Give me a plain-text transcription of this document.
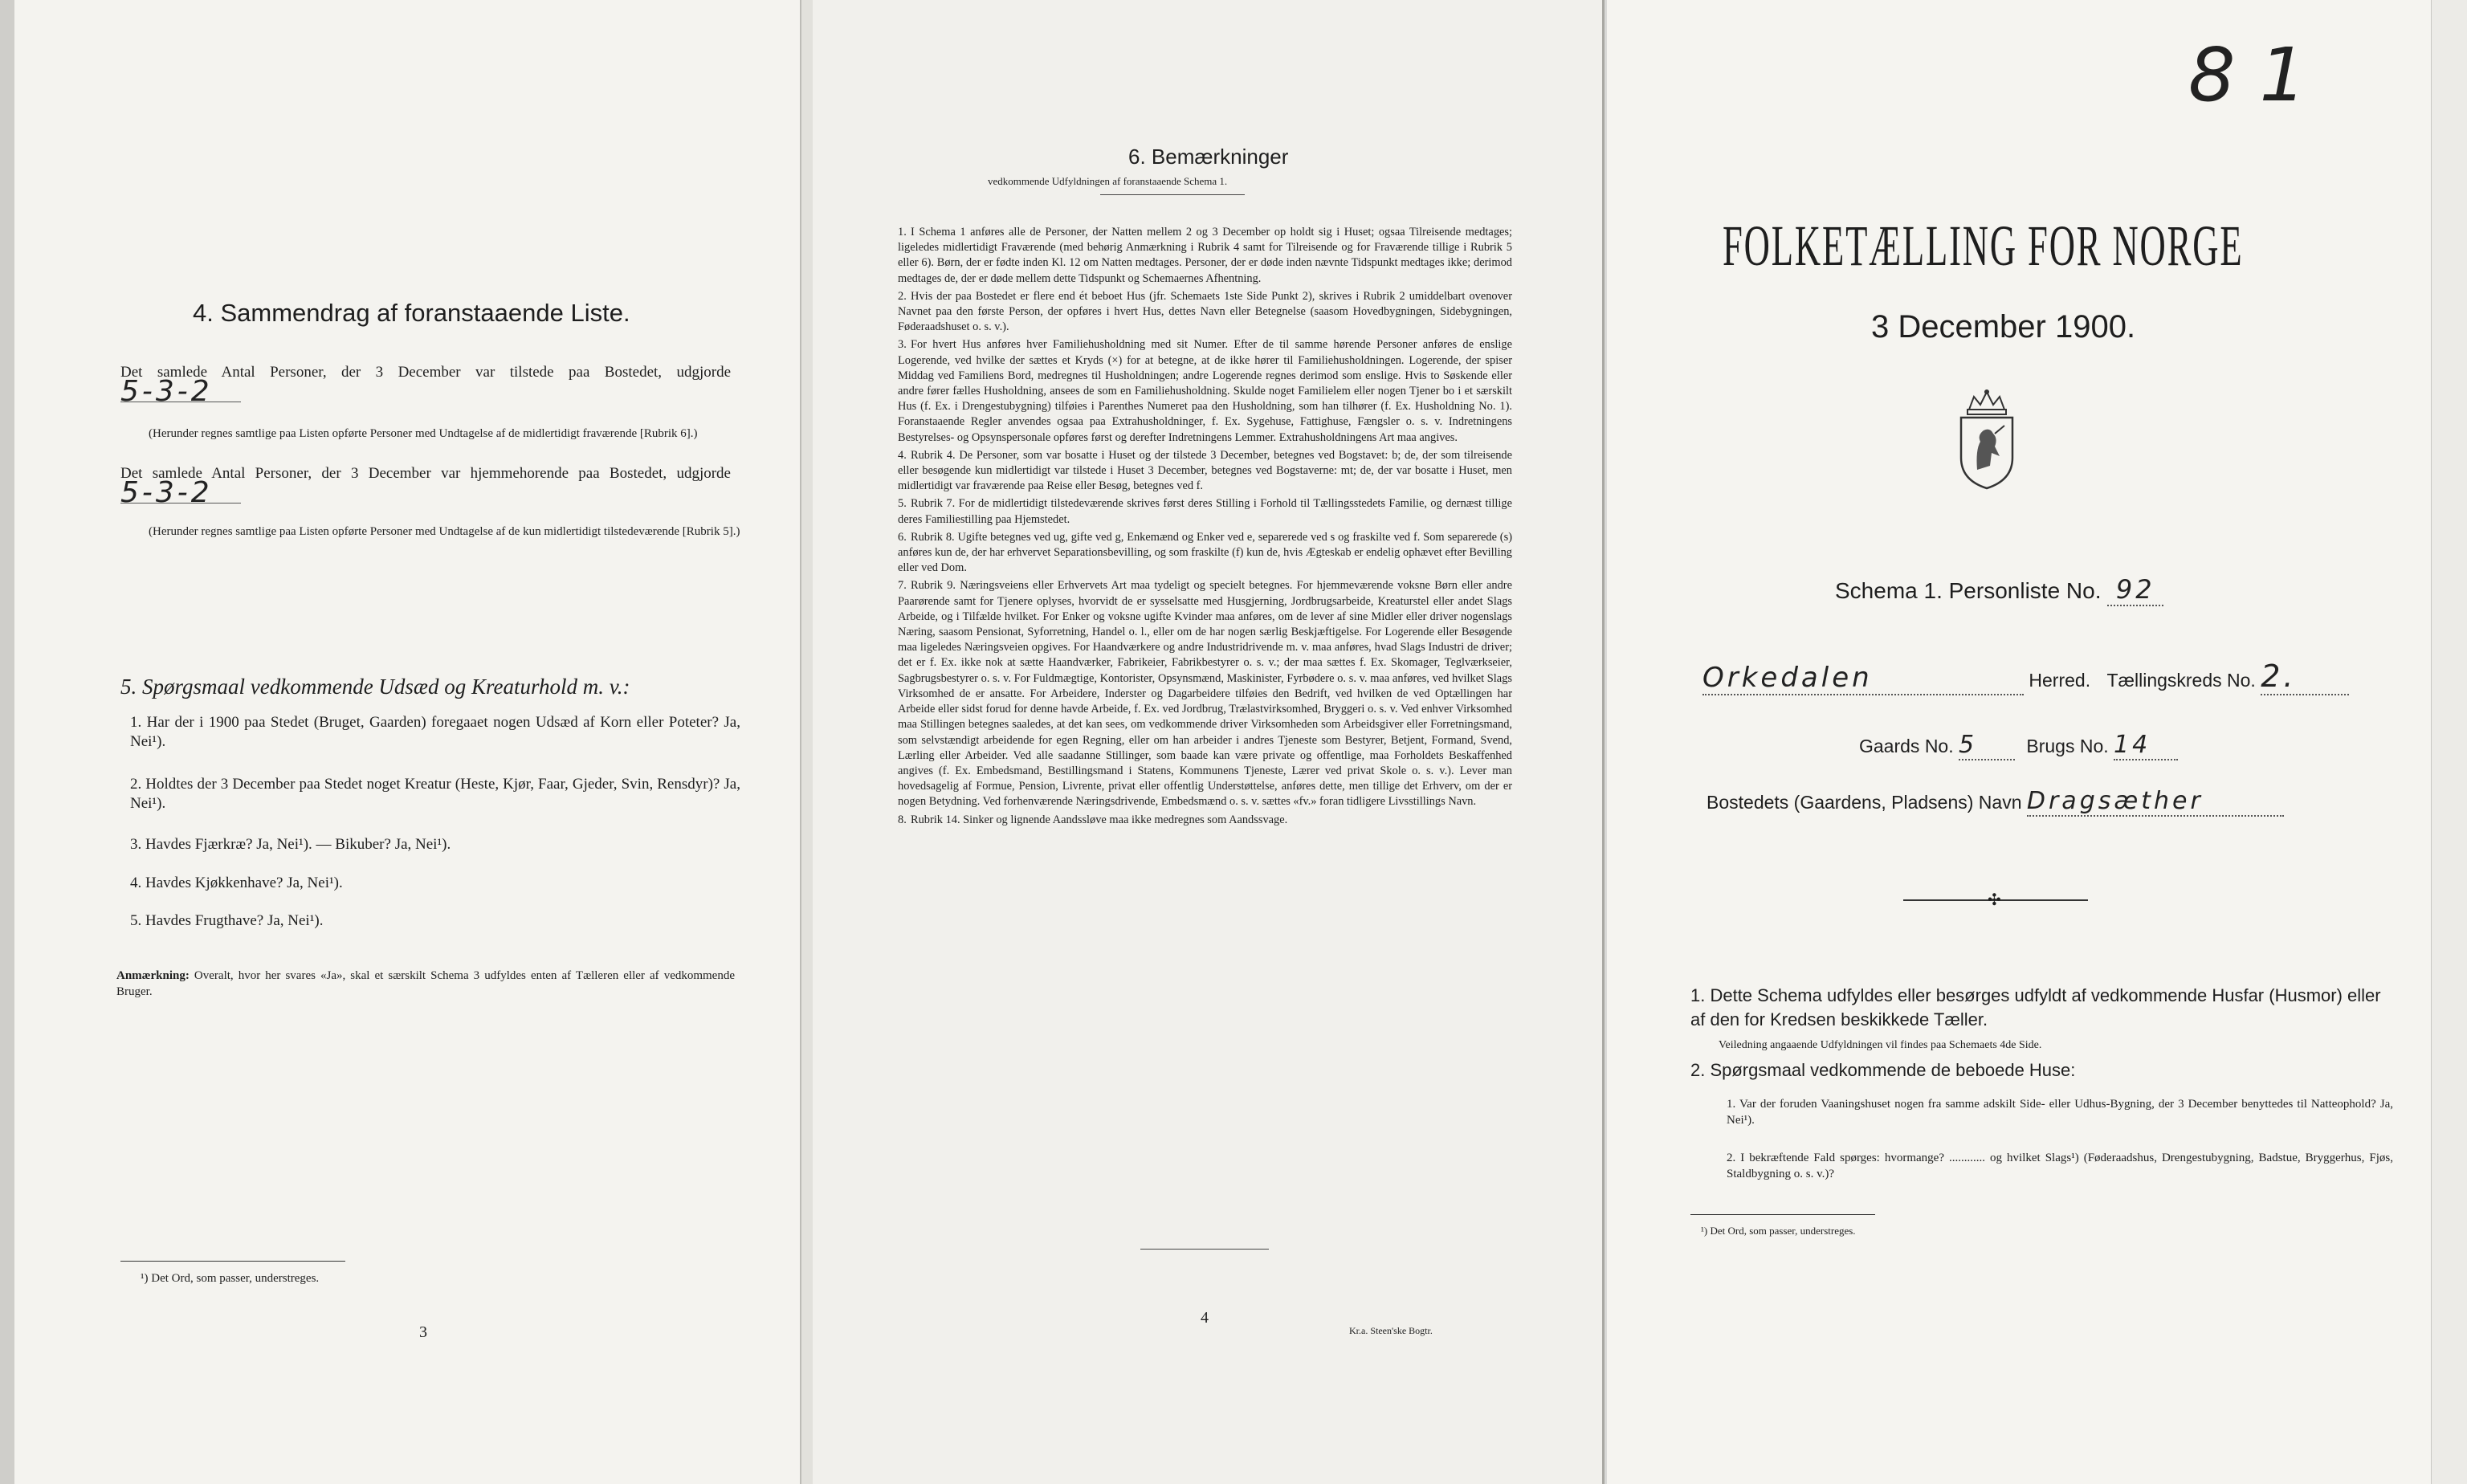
4. Sammendrag af foranstaaende Liste.
Det samlede Antal Personer, der 3 December var tilstede paa Bostedet, udgjorde 5-3-2
(Herunder regnes samtlige paa Listen opførte Personer med Undtagelse af de midlertidigt fraværende [Rubrik 6].)
Det samlede Antal Personer, der 3 December var hjemmehorende paa Bostedet, udgjorde 5-3-2
(Herunder regnes samtlige paa Listen opførte Personer med Undtagelse af de kun midlertidigt tilstedeværende [Rubrik 5].)
5. Spørgsmaal vedkommende Udsæd og Kreaturhold m. v.:
1. Har der i 1900 paa Stedet (Bruget, Gaarden) foregaaet nogen Udsæd af Korn eller Poteter? Ja, Nei¹).
2. Holdtes der 3 December paa Stedet noget Kreatur (Heste, Kjør, Faar, Gjeder, Svin, Rensdyr)? Ja, Nei¹).
3. Havdes Fjærkræ? Ja, Nei¹). — Bikuber? Ja, Nei¹).
4. Havdes Kjøkkenhave? Ja, Nei¹).
5. Havdes Frugthave? Ja, Nei¹).
Anmærkning: Overalt, hvor her svares «Ja», skal et særskilt Schema 3 udfyldes enten af Tælleren eller af vedkommende Bruger.
¹) Det Ord, som passer, understreges.
3
6. Bemærkninger
vedkommende Udfyldningen af foranstaaende Schema 1.
1. I Schema 1 anføres alle de Personer, der Natten mellem 2 og 3 December op holdt sig i Huset; ogsaa Tilreisende medtages; ligeledes midlertidigt Fraværende (med behørig Anmærkning i Rubrik 4 samt for Tilreisende og for Fraværende tillige i Rubrik 5 eller 6). Børn, der er fødte inden Kl. 12 om Natten medtages. Personer, der er døde inden nævnte Tidspunkt medtages ikke; derimod medtages de, der er døde mellem dette Tidspunkt og Schemaernes Afhentning.
2. Hvis der paa Bostedet er flere end ét beboet Hus (jfr. Schemaets 1ste Side Punkt 2), skrives i Rubrik 2 umiddelbart ovenover Navnet paa den første Person, der opføres i hvert Hus, dettes Navn eller Betegnelse (saasom Hovedbygningen, Sidebygningen, Føderaadshuset o. s. v.).
3. For hvert Hus anføres hver Familiehusholdning med sit Numer. Efter de til samme hørende Personer anføres de enslige Logerende, ved hvilke der sættes et Kryds (×) for at betegne, at de ikke hører til Familiehusholdningen. Logerende, der spiser Middag ved Familiens Bord, medregnes til Husholdningen; andre Logerende regnes derimod som enslige. Hvis to Søskende eller andre fører fælles Husholdning, ansees de som en Familiehusholdning. Skulde noget Familielem eller nogen Tjener bo i et særskilt Hus (f. Ex. i Drengestubygning) tilføies i Parenthes Numeret paa den Husholdning, som han tilhører (f. Ex. Husholdning No. 1). Foranstaaende Regler anvendes ogsaa paa Extrahusholdninger, f. Ex. Sygehuse, Fattighuse, Fængsler o. s. v. Indretningens Bestyrelses- og Opsynspersonale opføres først og derefter Indretningens Lemmer. Extrahusholdningens Art maa angives.
4. Rubrik 4. De Personer, som var bosatte i Huset og der tilstede 3 December, betegnes ved Bogstavet: b; de, der som tilreisende eller besøgende kun midlertidigt var tilstede i Huset 3 December, betegnes ved Bogstaverne: mt; de, der var bosatte i Huset, men midlertidigt var fraværende paa Reise eller Besøg, betegnes ved f.
5. Rubrik 7. For de midlertidigt tilstedeværende skrives først deres Stilling i Forhold til Tællingsstedets Familie, og dernæst tillige deres Familiestilling paa Hjemstedet.
6. Rubrik 8. Ugifte betegnes ved ug, gifte ved g, Enkemænd og Enker ved e, separerede ved s og fraskilte ved f. Som separerede (s) anføres kun de, der har erhvervet Separationsbevilling, og som fraskilte (f) kun de, hvis Ægteskab er endelig ophævet efter Bevilling eller ved Dom.
7. Rubrik 9. Næringsveiens eller Erhvervets Art maa tydeligt og specielt betegnes. For hjemmeværende voksne Børn eller andre Paarørende samt for Tjenere oplyses, hvorvidt de er sysselsatte med Husgjerning, Jordbrugsarbeide, Kreaturstel eller andet Slags Arbeide, og i Tilfælde hvilket. For Enker og voksne ugifte Kvinder maa anføres, om de lever af sine Midler eller driver nogenslags Næring, saasom Pensionat, Syforretning, Handel o. l., eller om de har nogen særlig Beskjæftigelse. For Logerende eller Besøgende maa ligeledes Næringsveien opgives. For Haandværkere og andre Industridrivende m. v. maa anføres, hvad Slags Industri de driver; det er f. Ex. ikke nok at sætte Haandværker, Fabrikeier, Fabrikbestyrer o. s. v.; der maa sættes f. Ex. Skomager, Teglværkseier, Sagbrugsbestyrer o. s. v. For Fuldmægtige, Kontorister, Opsynsmænd, Maskinister, Fyrbødere o. s. v. maa anføres, ved hvilket Slags Virksomhed de er ansatte. For Arbeidere, Inderster og Dagarbeidere tilføies den Bedrift, ved hvilken de ved Optællingen har Arbeide eller sidst forud for denne havde Arbeide, f. Ex. ved Jordbrug, Trælastvirksomhed, Bryggeri o. s. v. Ved enhver Virksomhed maa Stillingen betegnes saaledes, at det kan sees, om vedkommende driver Virksomheden som Arbeidsgiver eller Forretningsmand, som selvstændigt arbeidende for egen Regning, eller om han arbeider i andres Tjeneste som Bestyrer, Betjent, Formand, Svend, Lærling eller Arbeider. Ved alle saadanne Stillinger, som baade kan være private og offentlige, maa Forholdets Beskaffenhed angives (f. Ex. Embedsmand, Bestillingsmand i Statens, Kommunens Tjeneste, Lærer ved privat Skole o. s. v.). Lever man hovedsagelig af Formue, Pension, Livrente, privat eller offentlig Understøttelse, anføres dette, men tillige det Erhverv, om der er nogen Betydning. Ved forhenværende Næringsdrivende, Embedsmænd o. s. v. sættes «fv.» foran tidligere Livsstillings Navn.
8. Rubrik 14. Sinker og lignende Aandssløve maa ikke medregnes som Aandssvage.
4
Kr.a. Steen'ske Bogtr.
81
FOLKETÆLLING FOR NORGE
3 December 1900.
Schema 1. Personliste No. 92
Orkedalen	Herred. Tællingskreds No. 2.
Gaards No. 5	Brugs No. 14
Bostedets (Gaardens, Pladsens) Navn Dragsæther
✣
1. Dette Schema udfyldes eller besørges udfyldt af vedkommende Husfar (Husmor) eller af den for Kredsen beskikkede Tæller.
Veiledning angaaende Udfyldningen vil findes paa Schemaets 4de Side.
2. Spørgsmaal vedkommende de beboede Huse:
1. Var der foruden Vaaningshuset nogen fra samme adskilt Side- eller Udhus-Bygning, der 3 December benyttedes til Natteophold? Ja, Nei¹).
2. I bekræftende Fald spørges: hvormange? ............ og hvilket Slags¹) (Føderaadshus, Drengestubygning, Badstue, Bryggerhus, Fjøs, Staldbygning o. s. v.)?
¹) Det Ord, som passer, understreges.
